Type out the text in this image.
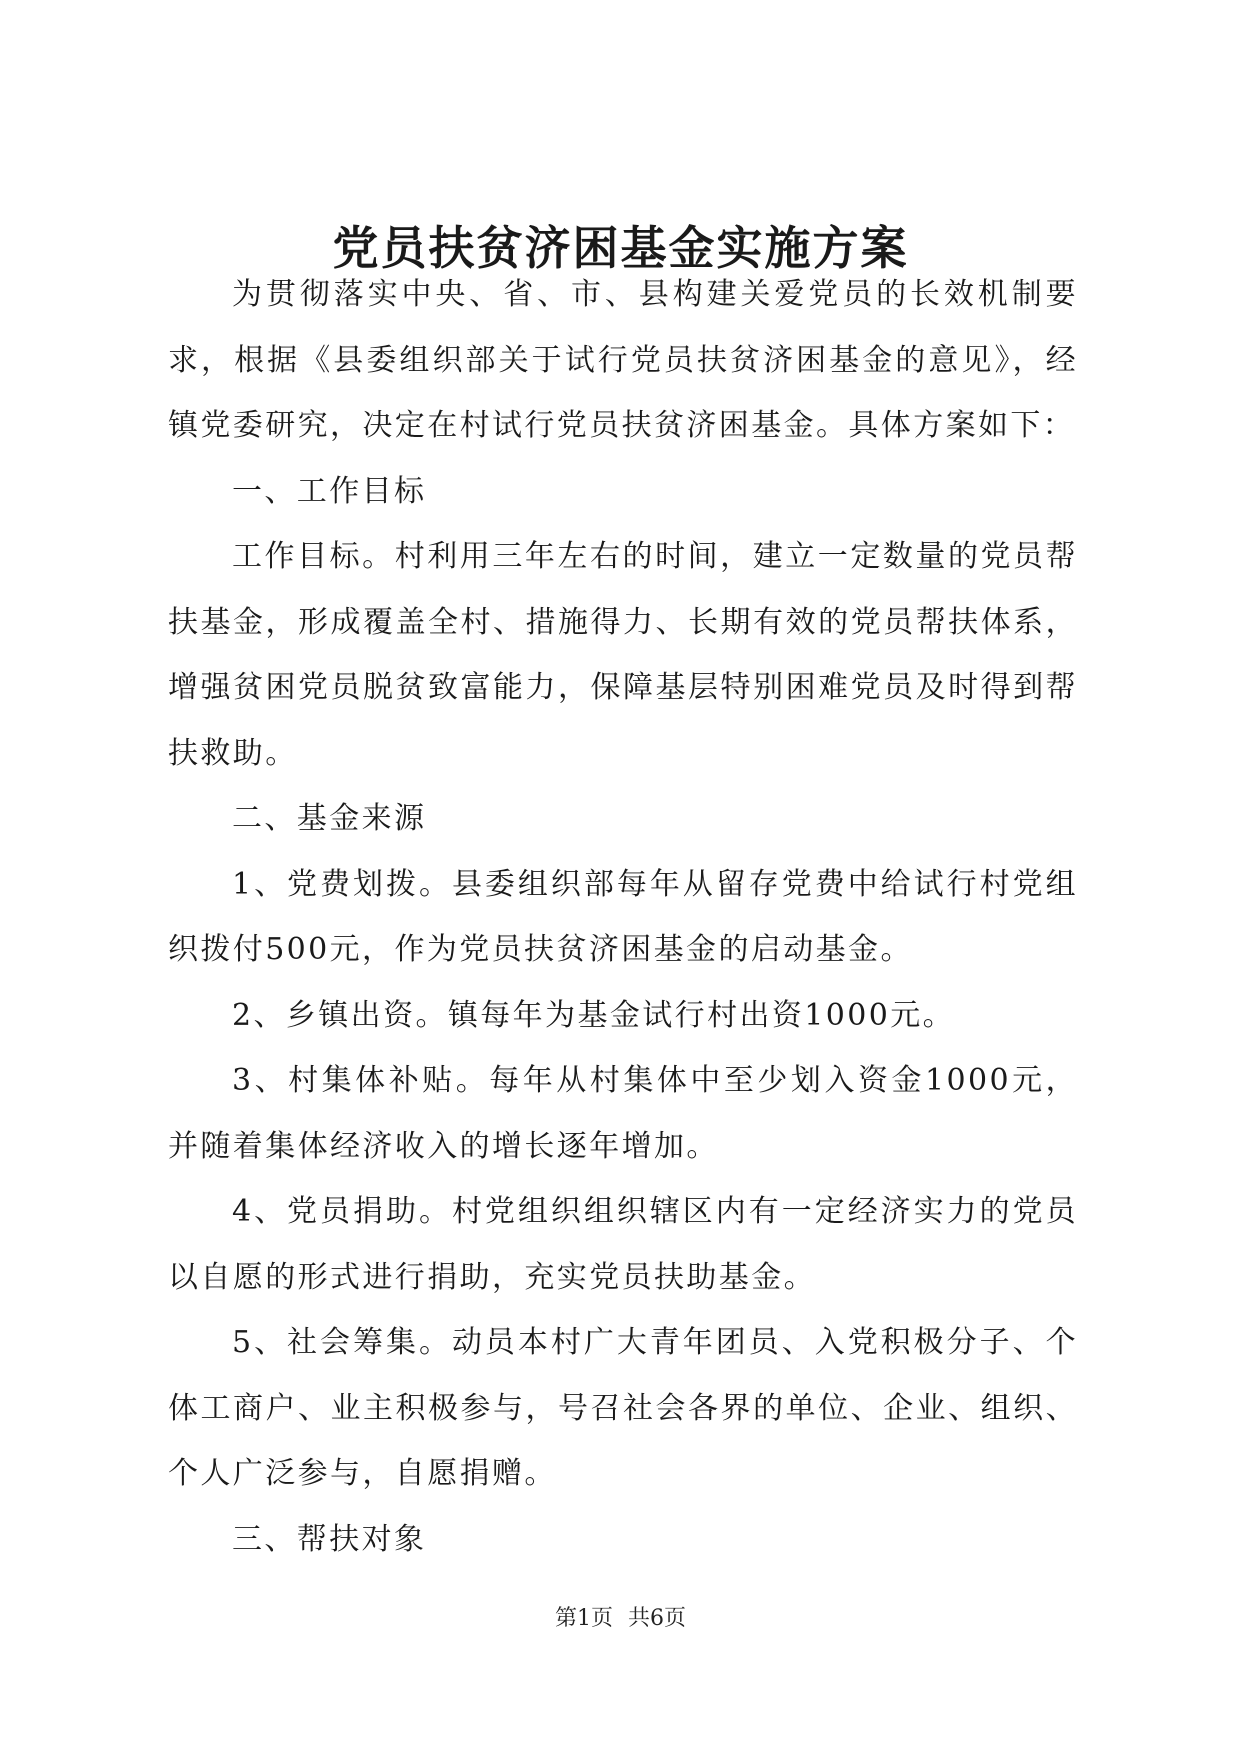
党员扶贫济困基金实施方案

为贯彻落实中央、省、市、县构建关爱党员的长效机制要求，根据《县委组织部关于试行党员扶贫济困基金的意见》，经镇党委研究，决定在村试行党员扶贫济困基金。具体方案如下：

一、工作目标

工作目标。村利用三年左右的时间，建立一定数量的党员帮扶基金，形成覆盖全村、措施得力、长期有效的党员帮扶体系，增强贫困党员脱贫致富能力，保障基层特别困难党员及时得到帮扶救助。

二、基金来源

1、党费划拨。县委组织部每年从留存党费中给试行村党组织拨付500元，作为党员扶贫济困基金的启动基金。

2、乡镇出资。镇每年为基金试行村出资1000元。

3、村集体补贴。每年从村集体中至少划入资金1000元，并随着集体经济收入的增长逐年增加。

4、党员捐助。村党组织组织辖区内有一定经济实力的党员以自愿的形式进行捐助，充实党员扶助基金。

5、社会筹集。动员本村广大青年团员、入党积极分子、个体工商户、业主积极参与，号召社会各界的单位、企业、组织、个人广泛参与，自愿捐赠。

三、帮扶对象

第1页 共6页
